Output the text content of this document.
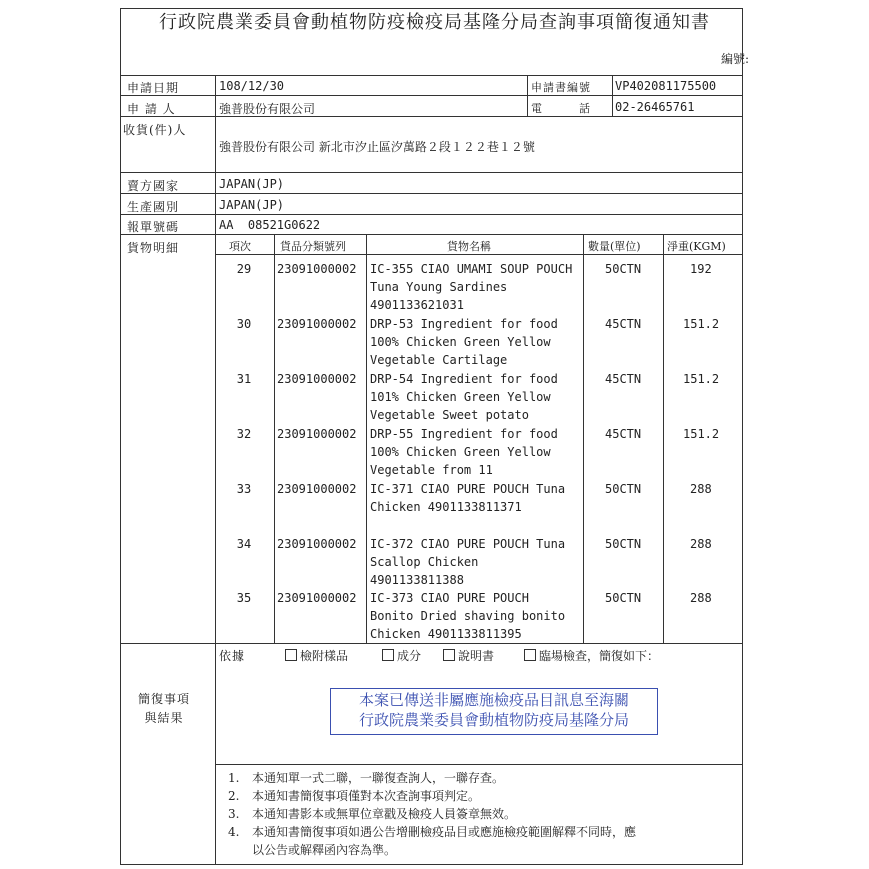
行政院農業委員會動植物防疫檢疫局基隆分局查詢事項簡復通知書
編號:
申請日期	108/12/30	申請書編號 VP402081175500
申 請 人	強普股份有限公司	電　　　話 02-26465761
收貨(件)人
強普股份有限公司 新北市汐止區汐萬路２段１２２巷１２號
賣方國家	JAPAN(JP)
生產國別	JAPAN(JP)
報單號碼	AA  08521G0622
貨物明細	項次	貨品分類號列	貨物名稱	數量(單位) 淨重(KGM)
29	23091000002 IC-355 CIAO UMAMI SOUP POUCH
Tuna Young Sardines
4901133621031
50CTN	192
30	23091000002 DRP-53 Ingredient for food
100% Chicken Green Yellow
Vegetable Cartilage
45CTN	151.2
31	23091000002 DRP-54 Ingredient for food
101% Chicken Green Yellow
Vegetable Sweet potato
45CTN	151.2
32	23091000002 DRP-55 Ingredient for food
100% Chicken Green Yellow
Vegetable from 11
45CTN	151.2
33	23091000002 IC-371 CIAO PURE POUCH Tuna
Chicken 4901133811371
50CTN	288
34	23091000002 IC-372 CIAO PURE POUCH Tuna
Scallop Chicken
4901133811388
50CTN	288
35	23091000002 IC-373 CIAO PURE POUCH
Bonito Dried shaving bonito
Chicken 4901133811395
50CTN	288
依據	檢附樣品	成分	說明書	臨場檢查，簡復如下：
簡復事項
與結果
本案已傳送非屬應施檢疫品目訊息至海關
行政院農業委員會動植物防疫局基隆分局
1. 本通知單一式二聯，一聯復查詢人，一聯存查。
2. 本通知書簡復事項僅對本次查詢事項判定。
3. 本通知書影本或無單位章戳及檢疫人員簽章無效。
4. 本通知書簡復事項如遇公告增刪檢疫品目或應施檢疫範圍解釋不同時，應
以公告或解釋函內容為準。
